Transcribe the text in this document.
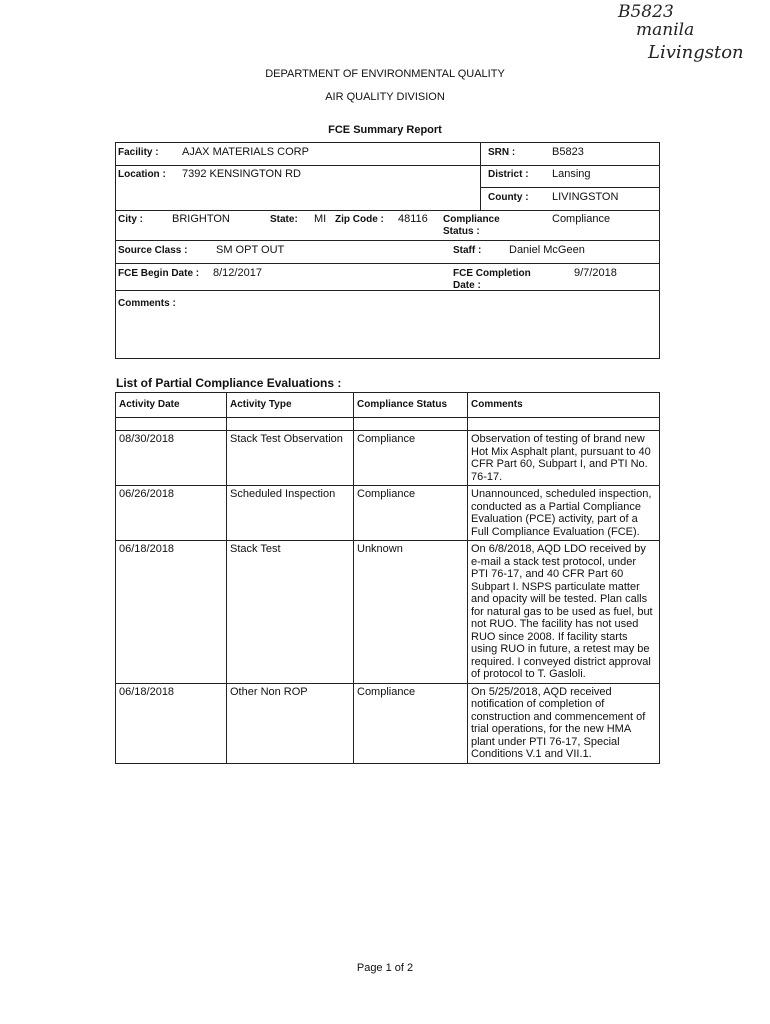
B5823
manila
Livingston
DEPARTMENT OF ENVIRONMENTAL QUALITY
AIR QUALITY DIVISION
FCE Summary Report
Facility : AJAX MATERIALS CORP	SRN :	B5823
Location : 7392 KENSINGTON RD	District : Lansing
County : LIVINGSTON
City :	BRIGHTON	State: MI Zip Code : 48116 Compliance Status :
Compliance
Source Class :	SM OPT OUT	Staff :	Daniel McGeen
FCE Begin Date : 8/12/2017	FCE Completion Date :
9/7/2018
Comments :
List of Partial Compliance Evaluations :
Activity Date	Activity Type	Compliance Status	Comments

08/30/2018	Stack Test Observation	Compliance	Observation of testing of brand new Hot Mix Asphalt plant, pursuant to 40 CFR Part 60, Subpart I, and PTI No. 76-17.
06/26/2018	Scheduled Inspection	Compliance	Unannounced, scheduled inspection, conducted as a Partial Compliance Evaluation (PCE) activity, part of a Full Compliance Evaluation (FCE).
06/18/2018	Stack Test	Unknown	On 6/8/2018, AQD LDO received by e-mail a stack test protocol, under PTI 76-17, and 40 CFR Part 60 Subpart I. NSPS particulate matter and opacity will be tested. Plan calls for natural gas to be used as fuel, but not RUO. The facility has not used RUO since 2008. If facility starts using RUO in future, a retest may be required. I conveyed district approval of protocol to T. Gasloli.
06/18/2018	Other Non ROP	Compliance	On 5/25/2018, AQD received notification of completion of construction and commencement of trial operations, for the new HMA plant under PTI 76-17, Special Conditions V.1 and VII.1.
Page 1 of 2
